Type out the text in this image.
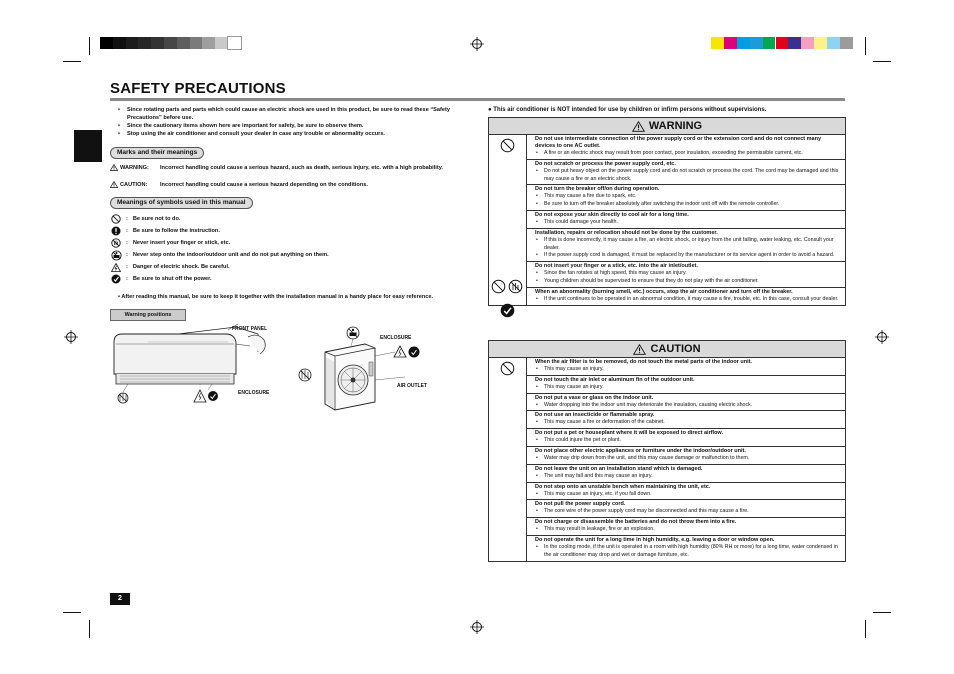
SAFETY PRECAUTIONS
• Since rotating parts and parts which could cause an electric shock are used in this product, be sure to read these “Safety Precautions” before use.
• Since the cautionary items shown here are important for safety, be sure to observe them.
• Stop using the air conditioner and consult your dealer in case any trouble or abnormality occurs.
Marks and their meanings
WARNING: Incorrect handling could cause a serious hazard, such as death, serious injury, etc. with a high probability.
CAUTION: Incorrect handling could cause a serious hazard depending on the conditions.
Meanings of symbols used in this manual
: Be sure not to do.
: Be sure to follow the instruction.
: Never insert your finger or stick, etc.
: Never step onto the indoor/outdoor unit and do not put anything on them.
: Danger of electric shock. Be careful.
: Be sure to shut off the power.
• After reading this manual, be sure to keep it together with the installation manual in a handy place for easy reference.
Warning positions
FRONT PANEL
ENCLOSURE
ENCLOSURE
AIR OUTLET
● This air conditioner is NOT intended for use by children or infirm persons without supervisions.
WARNING
Do not use intermediate connection of the power supply cord or the extension cord and do not connect many devices to one AC outlet.
• A fire or an electric shock may result from poor contact, poor insulation, exceeding the permissible current, etc.
Do not scratch or process the power supply cord, etc.
• Do not put heavy object on the power supply cord and do not scratch or process the cord. The cord may be damaged and this may cause a fire or an electric shock.
Do not turn the breaker off/on during operation.
• This may cause a fire due to spark, etc.
• Be sure to turn off the breaker absolutely after switching the indoor unit off with the remote controller.
Do not expose your skin directly to cool air for a long time.
• This could damage your health.
Installation, repairs or relocation should not be done by the customer.
• If this is done incorrectly, it may cause a fire, an electric shock, or injury from the unit falling, water leaking, etc. Consult your dealer.
• If the power supply cord is damaged, it must be replaced by the manufacturer or its service agent in order to avoid a hazard.
Do not insert your finger or a stick, etc. into the air inlet/outlet.
• Since the fan rotates at high speed, this may cause an injury.
• Young children should be supervised to ensure that they do not play with the air conditioner.
When an abnormality (burning smell, etc.) occurs, stop the air conditioner and turn off the breaker.
• If the unit continues to be operated in an abnormal condition, it may cause a fire, trouble, etc. In this case, consult your dealer.
CAUTION
When the air filter is to be removed, do not touch the metal parts of the indoor unit.
• This may cause an injury.
Do not touch the air inlet or aluminum fin of the outdoor unit.
• This may cause an injury.
Do not put a vase or glass on the indoor unit.
• Water dropping into the indoor unit may deteriorate the insulation, causing electric shock.
Do not use an insecticide or flammable spray.
• This may cause a fire or deformation of the cabinet.
Do not put a pet or houseplant where it will be exposed to direct airflow.
• This could injure the pet or plant.
Do not place other electric appliances or furniture under the indoor/outdoor unit.
• Water may drip down from the unit, and this may cause damage or malfunction to them.
Do not leave the unit on an installation stand which is damaged.
• The unit may fall and this may cause an injury.
Do not step onto an unstable bench when maintaining the unit, etc.
• This may cause an injury, etc. if you fall down.
Do not pull the power supply cord.
• The core wire of the power supply cord may be disconnected and this may cause a fire.
Do not charge or disassemble the batteries and do not throw them into a fire.
• This may result in leakage, fire or an explosion.
Do not operate the unit for a long time in high humidity, e.g. leaving a door or window open.
• In the cooling mode, if the unit is operated in a room with high humidity (80% RH or more) for a long time, water condensed in the air conditioner may drop and wet or damage furniture, etc.
2
